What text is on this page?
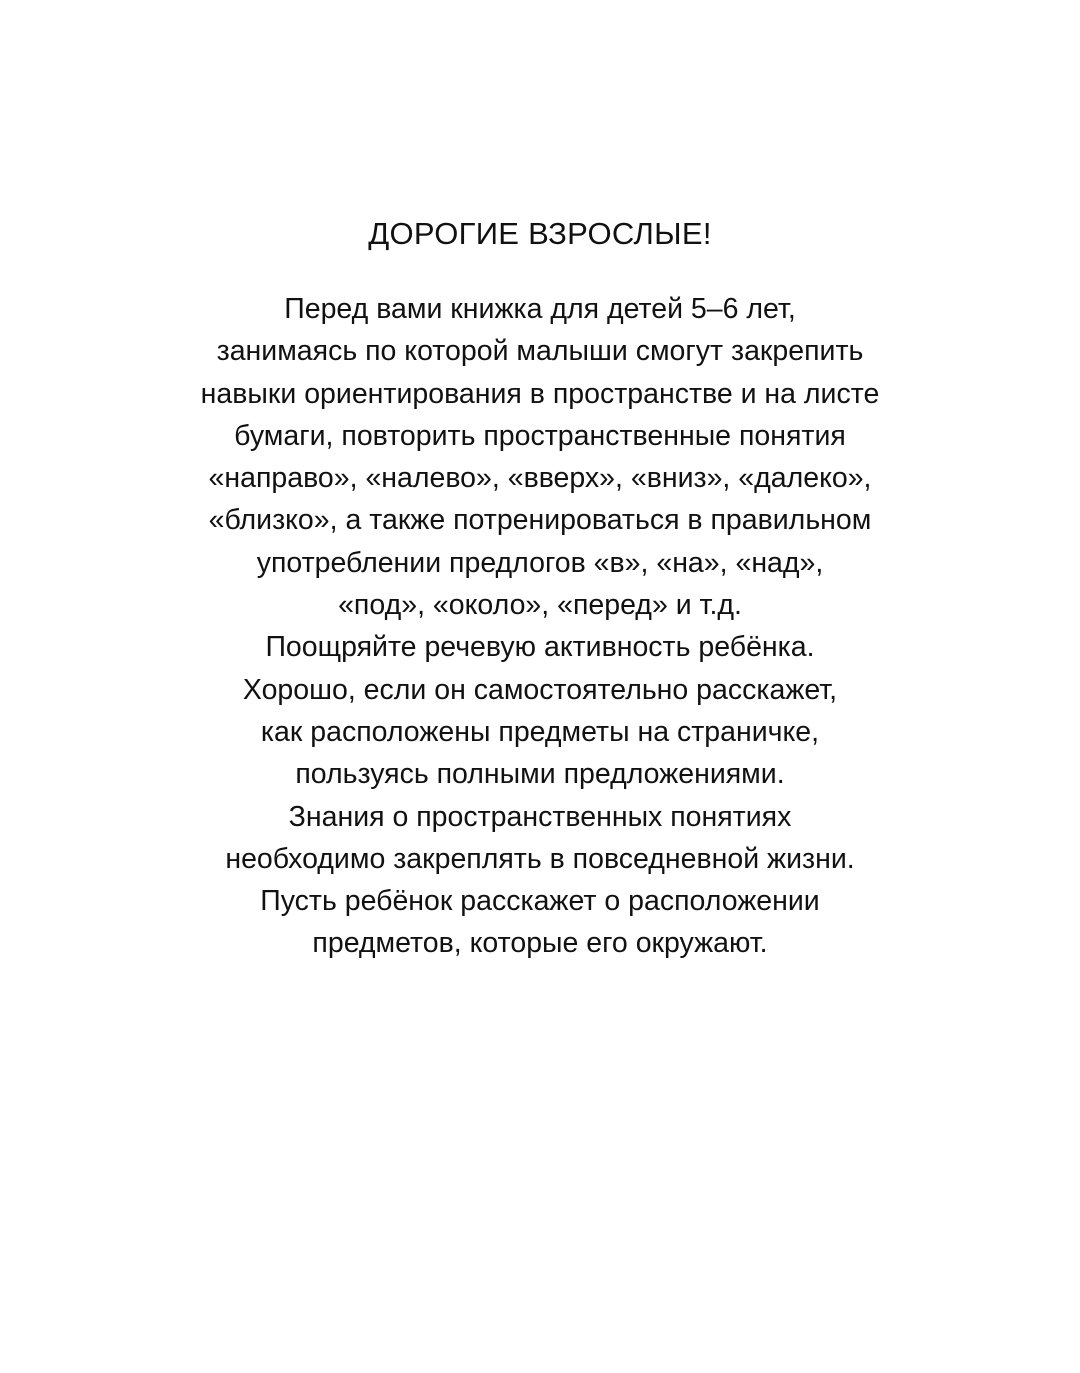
ДОРОГИЕ ВЗРОСЛЫЕ!
Перед вами книжка для детей 5–6 лет,
занимаясь по которой малыши смогут закрепить
навыки ориентирования в пространстве и на листе
бумаги, повторить пространственные понятия
«направо», «налево», «вверх», «вниз», «далеко»,
«близко», а также потренироваться в правильном
употреблении предлогов «в», «на», «над»,
«под», «около», «перед» и т.д.
Поощряйте речевую активность ребёнка.
Хорошо, если он самостоятельно расскажет,
как расположены предметы на страничке,
пользуясь полными предложениями.
Знания о пространственных понятиях
необходимо закреплять в повседневной жизни.
Пусть ребёнок расскажет о расположении
предметов, которые его окружают.
